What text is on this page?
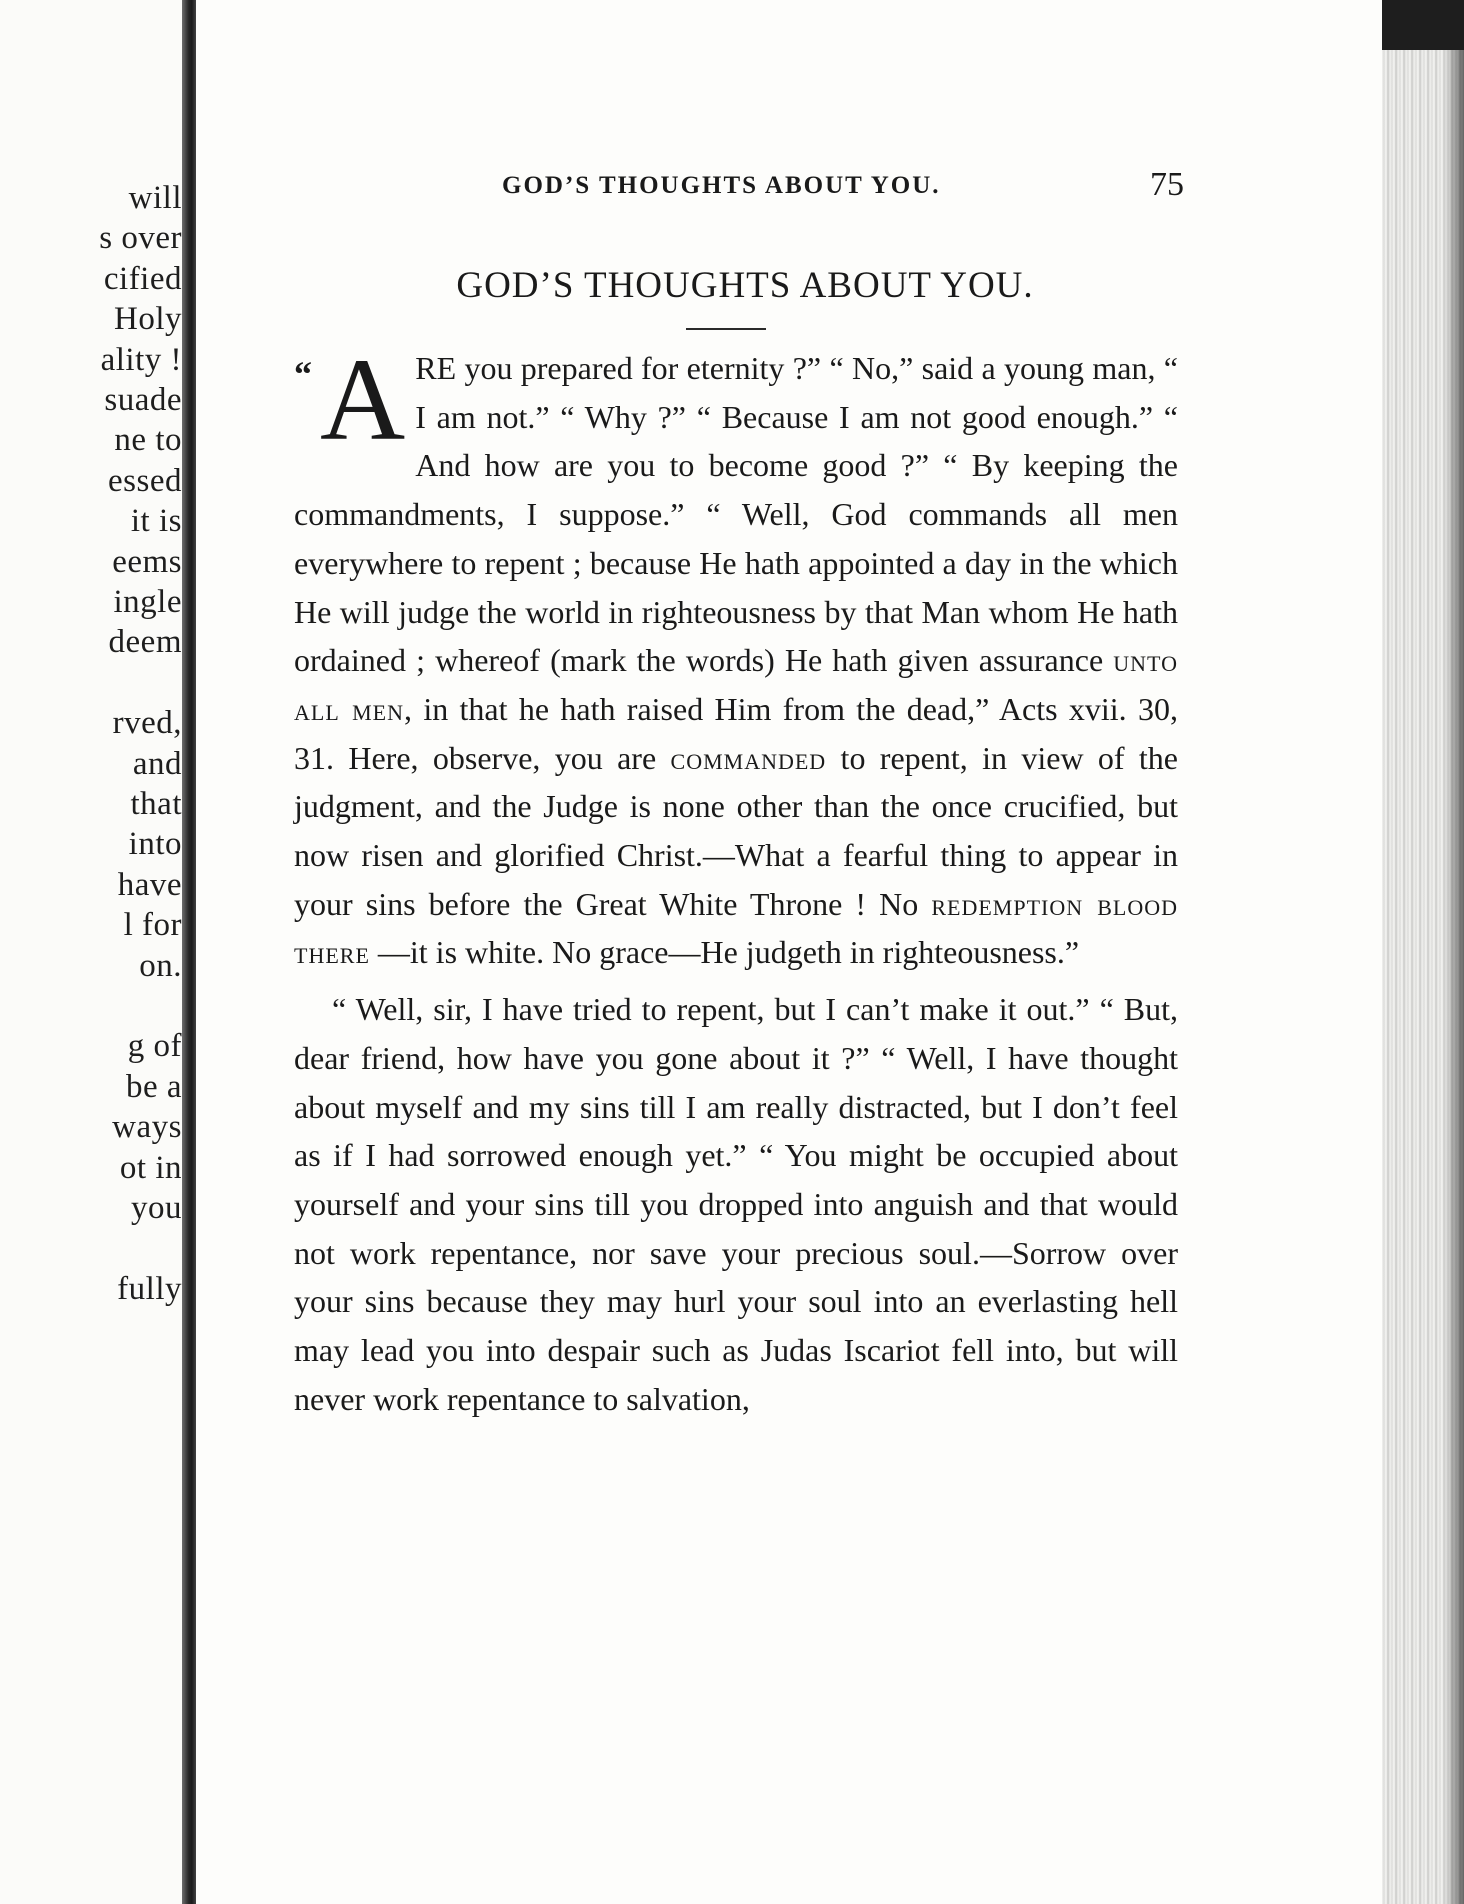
will
s over
cified
Holy
ality !
suade
ne to
essed
it is
eems
ingle
deem
rved,
and
that
into
have
l for
on.
g of
be a
ways
ot in
you
fully
GOD’S THOUGHTS ABOUT YOU.	75
GOD’S THOUGHTS ABOUT YOU.

“ A RE you prepared for eternity ?” “ No,” said a young man, “ I am not.” “ Why ?” “ Because I am not good enough.” “ And how are you to become good ?” “ By keeping the commandments, I suppose.” “ Well, God commands all men everywhere to repent ; because He hath appointed a day in the which He will judge the world in righteousness by that Man whom He hath ordained ; whereof (mark the words) He hath given assurance unto all men, in that he hath raised Him from the dead,” Acts xvii. 30, 31. Here, observe, you are commanded to repent, in view of the judgment, and the Judge is none other than the once crucified, but now risen and glorified Christ.—What a fearful thing to appear in your sins before the Great White Throne ! No redemption blood there —it is white. No grace—He judgeth in righteousness.”

“ Well, sir, I have tried to repent, but I can’t make it out.” “ But, dear friend, how have you gone about it ?” “ Well, I have thought about myself and my sins till I am really distracted, but I don’t feel as if I had sorrowed enough yet.” “ You might be occupied about yourself and your sins till you dropped into anguish and that would not work repentance, nor save your precious soul.—Sorrow over your sins because they may hurl your soul into an everlasting hell may lead you into despair such as Judas Iscariot fell into, but will never work repentance to salvation,
